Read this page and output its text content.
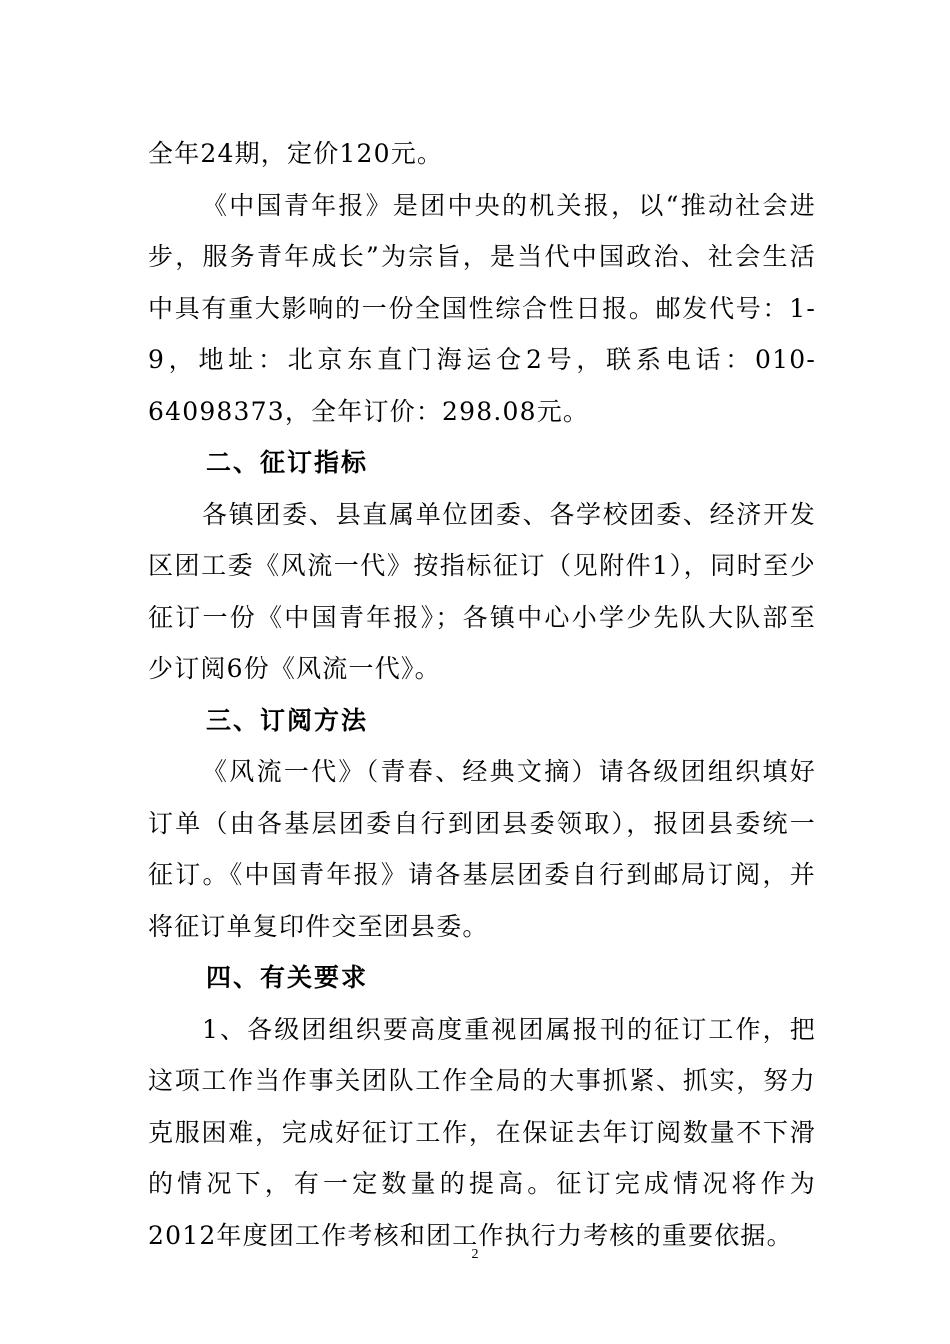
全年24期，定价120元。

《中国青年报》是团中央的机关报，以“推动社会进步，服务青年成长”为宗旨，是当代中国政治、社会生活中具有重大影响的一份全国性综合性日报。邮发代号：1-9，地址：北京东直门海运仓2号，联系电话：010-64098373，全年订价：298.08元。

二、征订指标

各镇团委、县直属单位团委、各学校团委、经济开发区团工委《风流一代》按指标征订（见附件1），同时至少征订一份《中国青年报》；各镇中心小学少先队大队部至少订阅6份《风流一代》。

三、订阅方法

《风流一代》（青春、经典文摘）请各级团组织填好订单（由各基层团委自行到团县委领取），报团县委统一征订。《中国青年报》请各基层团委自行到邮局订阅，并将征订单复印件交至团县委。

四、有关要求

1、各级团组织要高度重视团属报刊的征订工作，把这项工作当作事关团队工作全局的大事抓紧、抓实，努力克服困难，完成好征订工作，在保证去年订阅数量不下滑的情况下，有一定数量的提高。征订完成情况将作为2012年度团工作考核和团工作执行力考核的重要依据。

2
